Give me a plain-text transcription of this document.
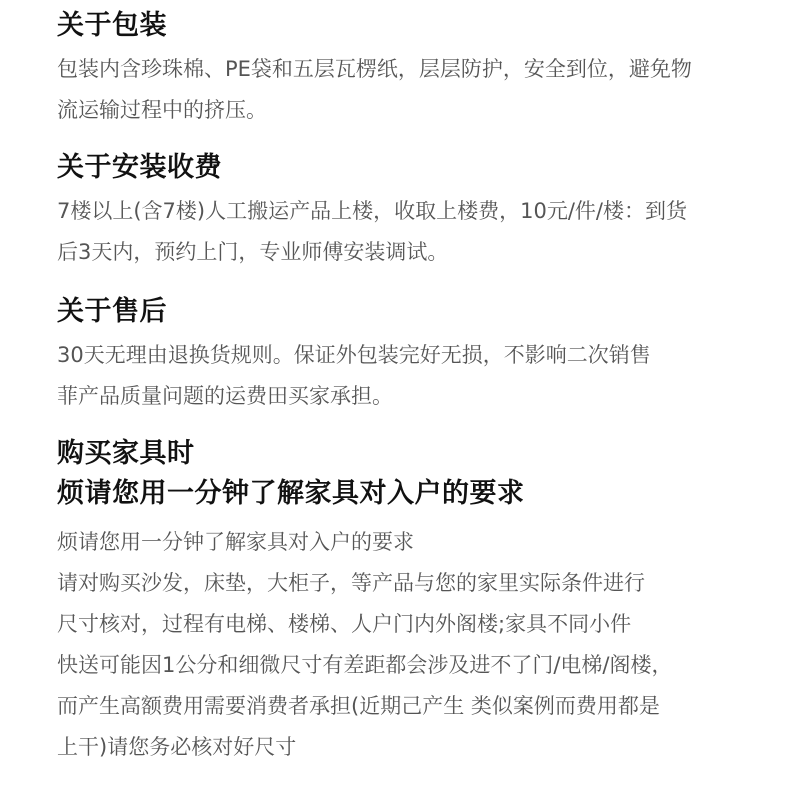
关于包装

包装内含珍珠棉、PE袋和五层瓦楞纸，层层防护，安全到位，避免物

流运输过程中的挤压。

关于安装收费

7楼以上(含7楼)人工搬运产品上楼，收取上楼费，10元/件/楼：到货

后3天内，预约上门，专业师傅安装调试。

关于售后

30天无理由退换货规则。保证外包装完好无损，不影响二次销售

菲产品质量问题的运费田买家承担。

购买家具时
烦请您用一分钟了解家具对入户的要求

烦请您用一分钟了解家具对入户的要求

请对购买沙发，床垫，大柜子，等产品与您的家里实际条件进行

尺寸核对，过程有电梯、楼梯、人户门内外阁楼;家具不同小件

快送可能因1公分和细微尺寸有差距都会涉及进不了门/电梯/阁楼，

而产生高额费用需要消费者承担(近期己产生 类似案例而费用都是

上干)请您务必核对好尺寸
